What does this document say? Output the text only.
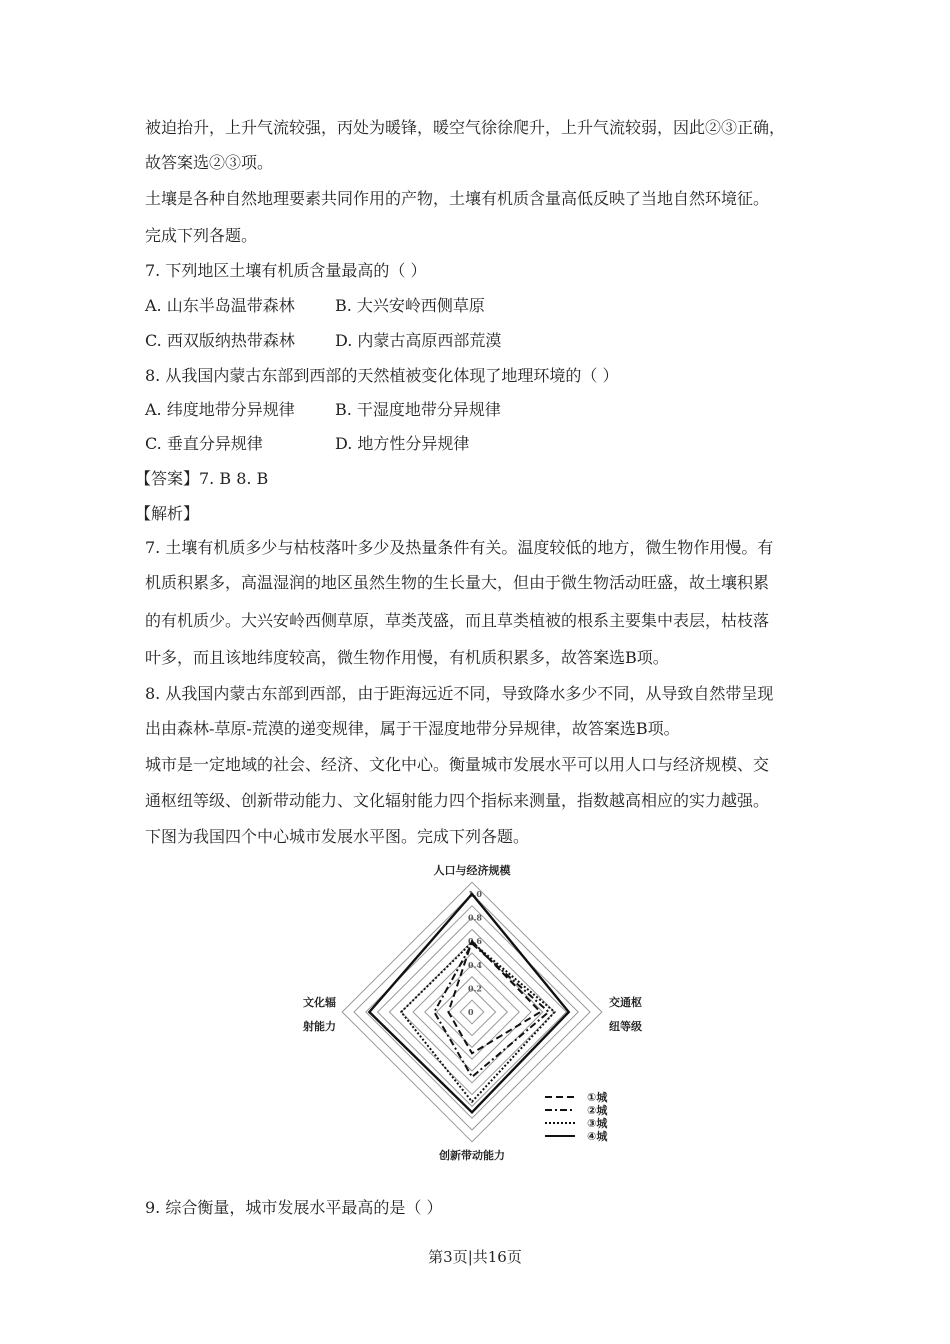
被迫抬升，上升气流较强，丙处为暖锋，暖空气徐徐爬升，上升气流较弱，因此②③正确，
故答案选②③项。
土壤是各种自然地理要素共同作用的产物，土壤有机质含量高低反映了当地自然环境征。
完成下列各题。
7. 下列地区土壤有机质含量最高的（ ）
A. 山东半岛温带森林	B. 大兴安岭西侧草原
C. 西双版纳热带森林	D. 内蒙古高原西部荒漠
8. 从我国内蒙古东部到西部的天然植被变化体现了地理环境的（ ）
A. 纬度地带分异规律	B. 干湿度地带分异规律
C. 垂直分异规律	D. 地方性分异规律
【答案】7. B 8. B
【解析】
7. 土壤有机质多少与枯枝落叶多少及热量条件有关。温度较低的地方，微生物作用慢。有
机质积累多，高温湿润的地区虽然生物的生长量大，但由于微生物活动旺盛，故土壤积累
的有机质少。大兴安岭西侧草原，草类茂盛，而且草类植被的根系主要集中表层，枯枝落
叶多，而且该地纬度较高，微生物作用慢，有机质积累多，故答案选B项。
8. 从我国内蒙古东部到西部，由于距海远近不同，导致降水多少不同，从导致自然带呈现
出由森林-草原-荒漠的递变规律，属于干湿度地带分异规律，故答案选B项。
城市是一定地域的社会、经济、文化中心。衡量城市发展水平可以用人口与经济规模、交
通枢纽等级、创新带动能力、文化辐射能力四个指标来测量，指数越高相应的实力越强。
下图为我国四个中心城市发展水平图。完成下列各题。
0
0.2
0.4
0.6
0.8
1.0
①城
②城
③城
④城
人口与经济规模
交通枢
纽等级
创新带动能力
文化辐
射能力
9. 综合衡量，城市发展水平最高的是（ ）
第3页|共16页
